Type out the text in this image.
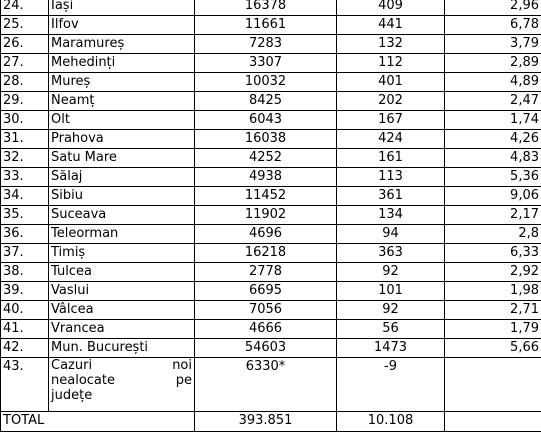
24.	Iași	16378	409	2,96
25.	Ilfov	11661	441	6,78
26.	Maramureș	7283	132	3,79
27.	Mehedinți	3307	112	2,89
28.	Mureș	10032	401	4,89
29.	Neamț	8425	202	2,47
30.	Olt	6043	167	1,74
31.	Prahova	16038	424	4,26
32.	Satu Mare	4252	161	4,83
33.	Sălaj	4938	113	5,36
34.	Sibiu	11452	361	9,06
35.	Suceava	11902	134	2,17
36.	Teleorman	4696	94	2,8
37.	Timiș	16218	363	6,33
38.	Tulcea	2778	92	2,92
39.	Vaslui	6695	101	1,98
40.	Vâlcea	7056	92	2,71
41.	Vrancea	4666	56	1,79
42.	Mun. București	54603	1473	5,66
43.	Cazuri noi
nealocate pe
județe	6330*	-9	
TOTAL		393.851	10.108	
